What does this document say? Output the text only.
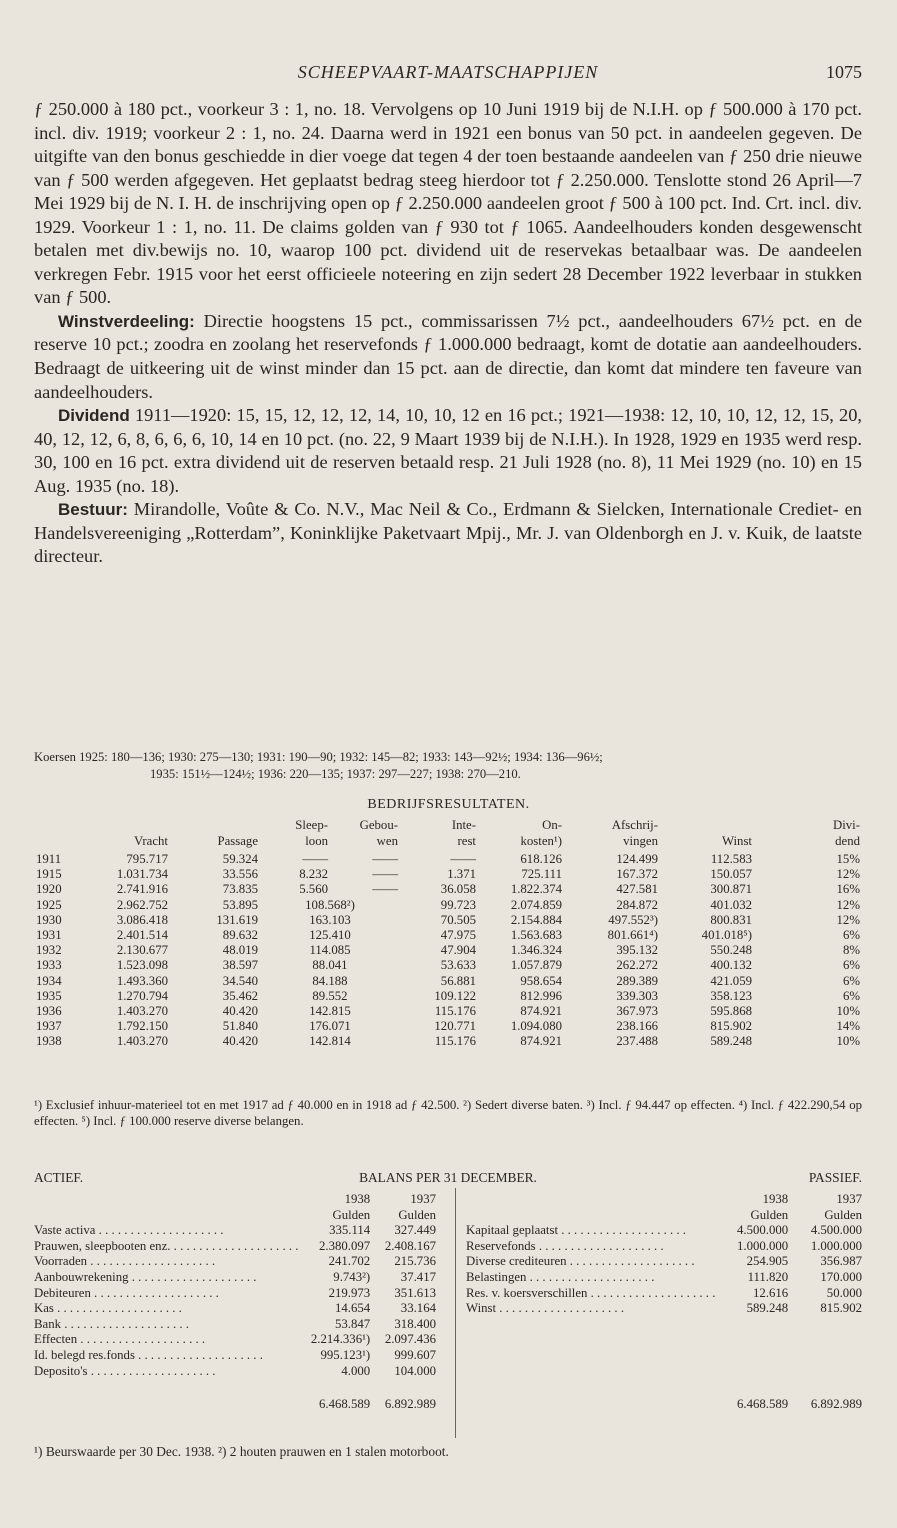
SCHEEPVAART-MAATSCHAPPIJEN	1075

ƒ 250.000 à 180 pct., voorkeur 3 : 1, no. 18. Vervolgens op 10 Juni 1919 bij de N.I.H. op ƒ 500.000 à 170 pct. incl. div. 1919; voorkeur 2 : 1, no. 24. Daarna werd in 1921 een bonus van 50 pct. in aandeelen gegeven. De uitgifte van den bonus geschiedde in dier voege dat tegen 4 der toen bestaande aandeelen van ƒ 250 drie nieuwe van ƒ 500 werden afgegeven. Het geplaatst bedrag steeg hierdoor tot ƒ 2.250.000. Tenslotte stond 26 April—7 Mei 1929 bij de N. I. H. de inschrijving open op ƒ 2.250.000 aandeelen groot ƒ 500 à 100 pct. Ind. Crt. incl. div. 1929. Voorkeur 1 : 1, no. 11. De claims golden van ƒ 930 tot ƒ 1065. Aandeelhouders konden desgewenscht betalen met div.bewijs no. 10, waarop 100 pct. dividend uit de reservekas betaalbaar was. De aandeelen verkregen Febr. 1915 voor het eerst officieele noteering en zijn sedert 28 December 1922 leverbaar in stukken van ƒ 500.

Winstverdeeling: Directie hoogstens 15 pct., commissarissen 7½ pct., aandeelhouders 67½ pct. en de reserve 10 pct.; zoodra en zoolang het reservefonds ƒ 1.000.000 bedraagt, komt de dotatie aan aandeelhouders. Bedraagt de uitkeering uit de winst minder dan 15 pct. aan de directie, dan komt dat mindere ten faveure van aandeelhouders.

Dividend 1911—1920: 15, 15, 12, 12, 12, 14, 10, 10, 12 en 16 pct.; 1921—1938: 12, 10, 10, 12, 12, 15, 20, 40, 12, 12, 6, 8, 6, 6, 6, 10, 14 en 10 pct. (no. 22, 9 Maart 1939 bij de N.I.H.). In 1928, 1929 en 1935 werd resp. 30, 100 en 16 pct. extra dividend uit de reserven betaald resp. 21 Juli 1928 (no. 8), 11 Mei 1929 (no. 10) en 15 Aug. 1935 (no. 18).

Bestuur: Mirandolle, Voûte & Co. N.V., Mac Neil & Co., Erdmann & Sielcken, Internationale Crediet- en Handelsvereeniging „Rotterdam”, Koninklijke Paketvaart Mpij., Mr. J. van Oldenborgh en J. v. Kuik, de laatste directeur.

Koersen 1925: 180—136; 1930: 275—130; 1931: 190—90; 1932: 145—82; 1933: 143—92½; 1934: 136—96½;
1935: 151½—124½; 1936: 220—135; 1937: 297—227; 1938: 270—210.
BEDRIJFSRESULTATEN.
			Sleep-	Gebou-	Inte-	On-	Afschrij-		Divi-
	Vracht	Passage	loon	wen	rest	kosten¹)	vingen	Winst	dend
1911	795.717	59.324	——	——	——	618.126	124.499	112.583	15%
1915	1.031.734	33.556	8.232	——	1.371	725.111	167.372	150.057	12%
1920	2.741.916	73.835	5.560	——	36.058	1.822.374	427.581	300.871	16%
1925	2.962.752	53.895	108.568²)		99.723	2.074.859	284.872	401.032	12%
1930	3.086.418	131.619	163.103		70.505	2.154.884	497.552³)	800.831	12%
1931	2.401.514	89.632	125.410		47.975	1.563.683	801.661⁴)	401.018⁵)	6%
1932	2.130.677	48.019	114.085		47.904	1.346.324	395.132	550.248	8%
1933	1.523.098	38.597	88.041		53.633	1.057.879	262.272	400.132	6%
1934	1.493.360	34.540	84.188		56.881	958.654	289.389	421.059	6%
1935	1.270.794	35.462	89.552		109.122	812.996	339.303	358.123	6%
1936	1.403.270	40.420	142.815		115.176	874.921	367.973	595.868	10%
1937	1.792.150	51.840	176.071		120.771	1.094.080	238.166	815.902	14%
1938	1.403.270	40.420	142.814		115.176	874.921	237.488	589.248	10%
¹) Exclusief inhuur-materieel tot en met 1917 ad ƒ 40.000 en in 1918 ad ƒ 42.500. ²) Sedert diverse baten. ³) Incl. ƒ 94.447 op effecten. ⁴) Incl. ƒ 422.290,54 op effecten. ⁵) Incl. ƒ 100.000 reserve diverse belangen.
ACTIEF.	BALANS PER 31 DECEMBER.	PASSIEF.
	1938	1937
	Gulden	Gulden

Vaste activa . . .	335.114	327.449

Prauwen, sleepbooten enz. . . .	2.380.097	2.408.167

Voorraden . . .	241.702	215.736

Aanbouwrekening . . .	9.743²)	37.417

Debiteuren . . .	219.973	351.613

Kas . . .	14.654	33.164

Bank . . .	53.847	318.400

Effecten . . .	2.214.336¹)	2.097.436

Id. belegd res.fonds . . .	995.123¹)	999.607

Deposito's . . .	4.000	104.000
	6.468.589	6.892.989
	1938	1937
	Gulden	Gulden

Kapitaal geplaatst . . .	4.500.000	4.500.000

Reservefonds . . .	1.000.000	1.000.000

Diverse crediteuren . . .	254.905	356.987

Belastingen . . .	111.820	170.000

Res. v. koersverschillen . . .	12.616	50.000

Winst . . .	589.248	815.902

	6.468.589	6.892.989
¹) Beurswaarde per 30 Dec. 1938. ²) 2 houten prauwen en 1 stalen motorboot.
